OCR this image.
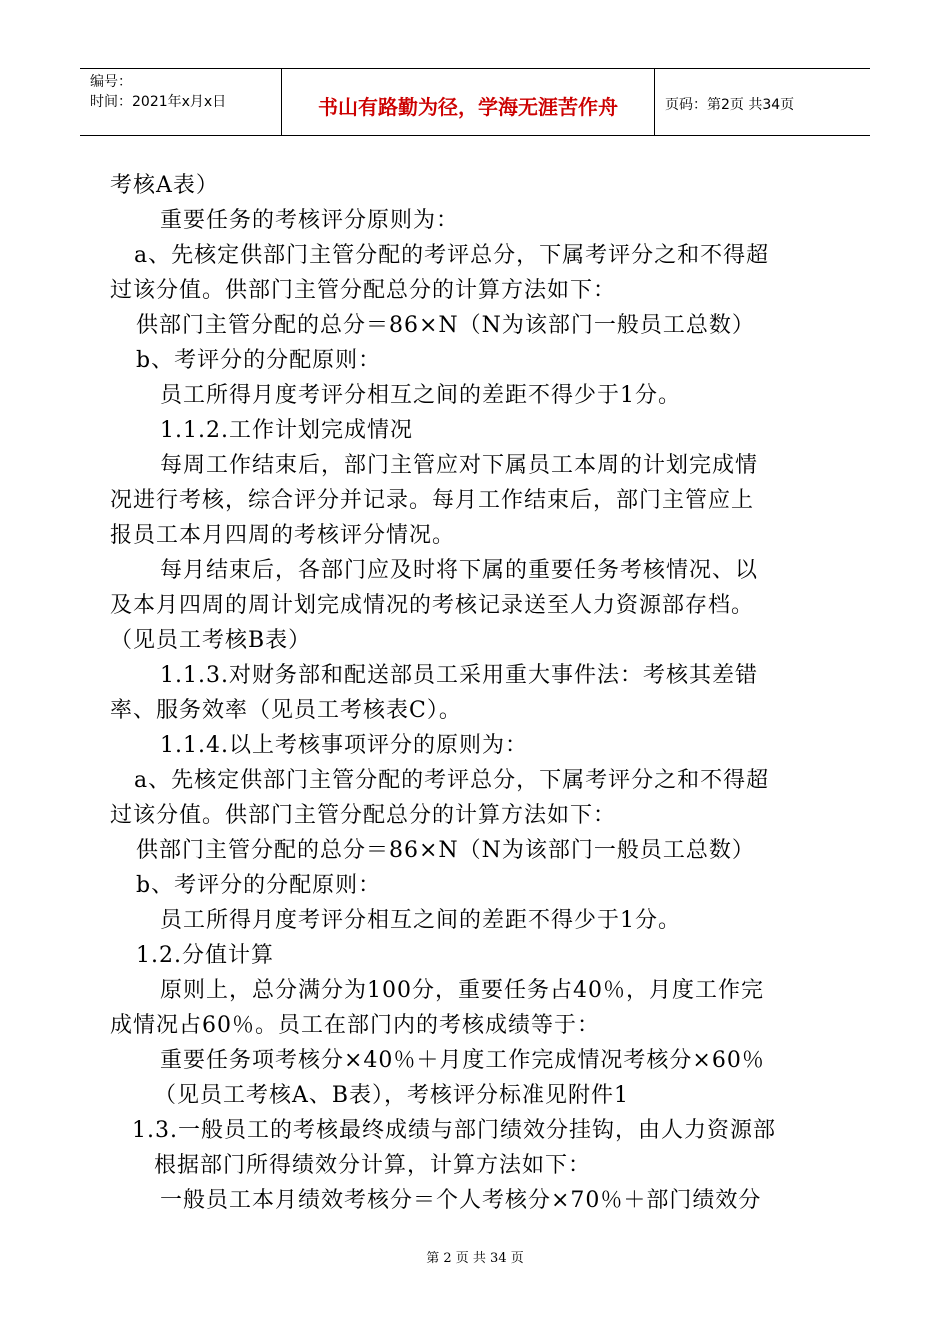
编号：
时间：2021年x月x日	书山有路勤为径，学海无涯苦作舟	页码：第2页 共34页
考核A表）
重要任务的考核评分原则为：
a、先核定供部门主管分配的考评总分，下属考评分之和不得超
过该分值。供部门主管分配总分的计算方法如下：
供部门主管分配的总分＝86×N（N为该部门一般员工总数）
b、考评分的分配原则：
员工所得月度考评分相互之间的差距不得少于1分。
1.1.2.工作计划完成情况
每周工作结束后，部门主管应对下属员工本周的计划完成情
况进行考核，综合评分并记录。每月工作结束后，部门主管应上
报员工本月四周的考核评分情况。
每月结束后，各部门应及时将下属的重要任务考核情况、以
及本月四周的周计划完成情况的考核记录送至人力资源部存档。
（见员工考核B表）
1.1.3.对财务部和配送部员工采用重大事件法：考核其差错
率、服务效率（见员工考核表C）。
1.1.4.以上考核事项评分的原则为：
a、先核定供部门主管分配的考评总分，下属考评分之和不得超
过该分值。供部门主管分配总分的计算方法如下：
供部门主管分配的总分＝86×N（N为该部门一般员工总数）
b、考评分的分配原则：
员工所得月度考评分相互之间的差距不得少于1分。
1.2.分值计算
原则上，总分满分为100分，重要任务占40％，月度工作完
成情况占60％。员工在部门内的考核成绩等于：
重要任务项考核分×40％＋月度工作完成情况考核分×60％
（见员工考核A、B表），考核评分标准见附件1
1.3.一般员工的考核最终成绩与部门绩效分挂钩，由人力资源部
根据部门所得绩效分计算，计算方法如下：
一般员工本月绩效考核分＝个人考核分×70％＋部门绩效分
第 2 页 共 34 页
